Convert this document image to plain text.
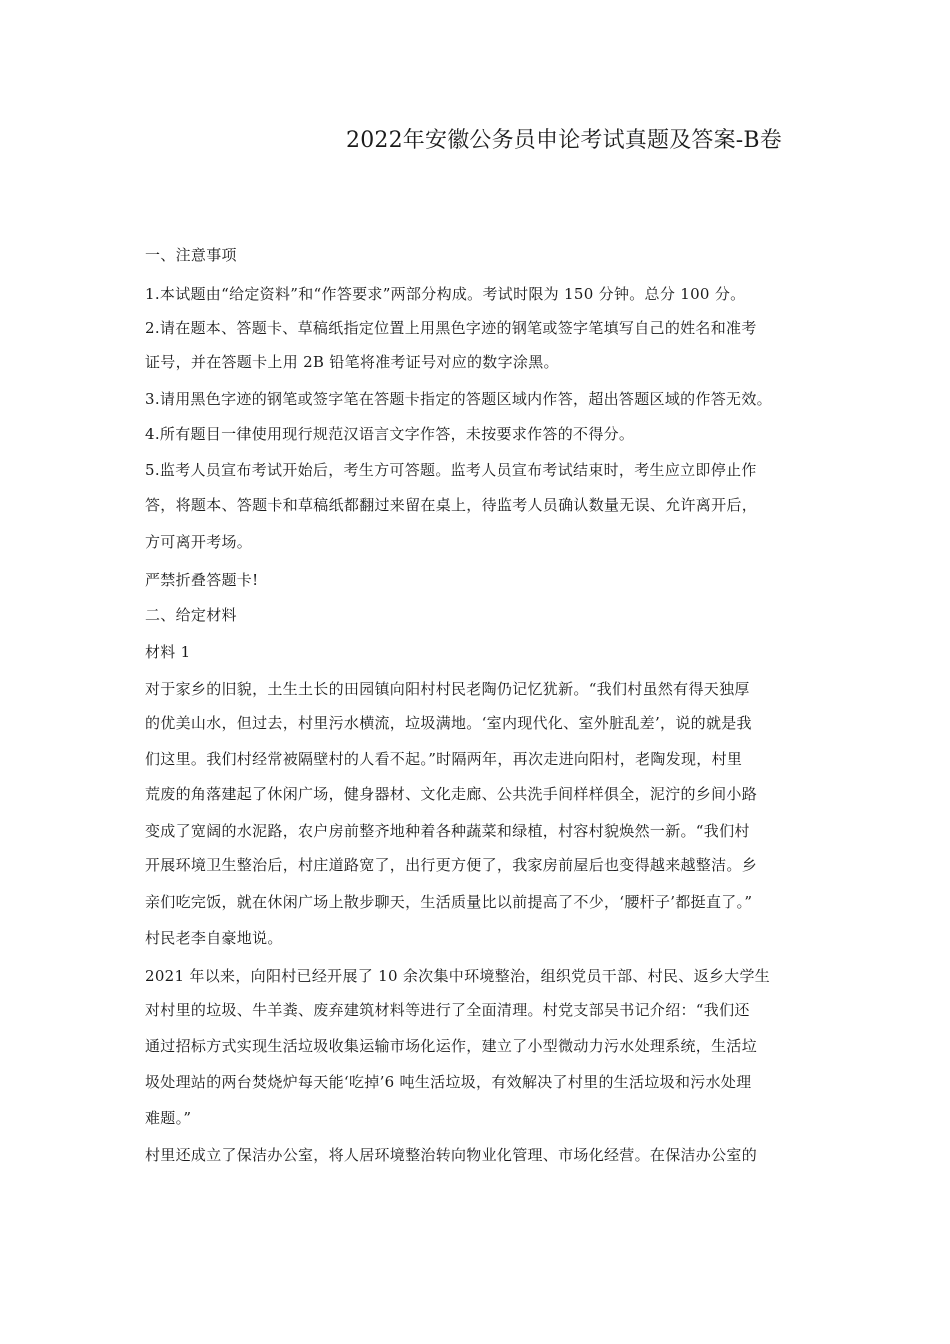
2022年安徽公务员申论考试真题及答案-B卷
一、注意事项
1.本试题由“给定资料”和“作答要求”两部分构成。考试时限为 150 分钟。总分 100 分。
2.请在题本、答题卡、草稿纸指定位置上用黑色字迹的钢笔或签字笔填写自己的姓名和准考
证号，并在答题卡上用 2B 铅笔将准考证号对应的数字涂黑。
3.请用黑色字迹的钢笔或签字笔在答题卡指定的答题区域内作答，超出答题区域的作答无效。
4.所有题目一律使用现行规范汉语言文字作答，未按要求作答的不得分。
5.监考人员宣布考试开始后，考生方可答题。监考人员宣布考试结束时，考生应立即停止作
答，将题本、答题卡和草稿纸都翻过来留在桌上，待监考人员确认数量无误、允许离开后，
方可离开考场。
严禁折叠答题卡!
二、给定材料
材料 1
对于家乡的旧貌，土生土长的田园镇向阳村村民老陶仍记忆犹新。“我们村虽然有得天独厚
的优美山水，但过去，村里污水横流，垃圾满地。‘室内现代化、室外脏乱差’，说的就是我
们这里。我们村经常被隔壁村的人看不起。”时隔两年，再次走进向阳村，老陶发现，村里
荒废的角落建起了休闲广场，健身器材、文化走廊、公共洗手间样样俱全，泥泞的乡间小路
变成了宽阔的水泥路，农户房前整齐地种着各种蔬菜和绿植，村容村貌焕然一新。“我们村
开展环境卫生整治后，村庄道路宽了，出行更方便了，我家房前屋后也变得越来越整洁。乡
亲们吃完饭，就在休闲广场上散步聊天，生活质量比以前提高了不少，‘腰杆子’都挺直了。”
村民老李自豪地说。
2021 年以来，向阳村已经开展了 10 余次集中环境整治，组织党员干部、村民、返乡大学生
对村里的垃圾、牛羊粪、废弃建筑材料等进行了全面清理。村党支部吴书记介绍：“我们还
通过招标方式实现生活垃圾收集运输市场化运作，建立了小型微动力污水处理系统，生活垃
圾处理站的两台焚烧炉每天能‘吃掉’6 吨生活垃圾，有效解决了村里的生活垃圾和污水处理
难题。”
村里还成立了保洁办公室，将人居环境整治转向物业化管理、市场化经营。在保洁办公室的
